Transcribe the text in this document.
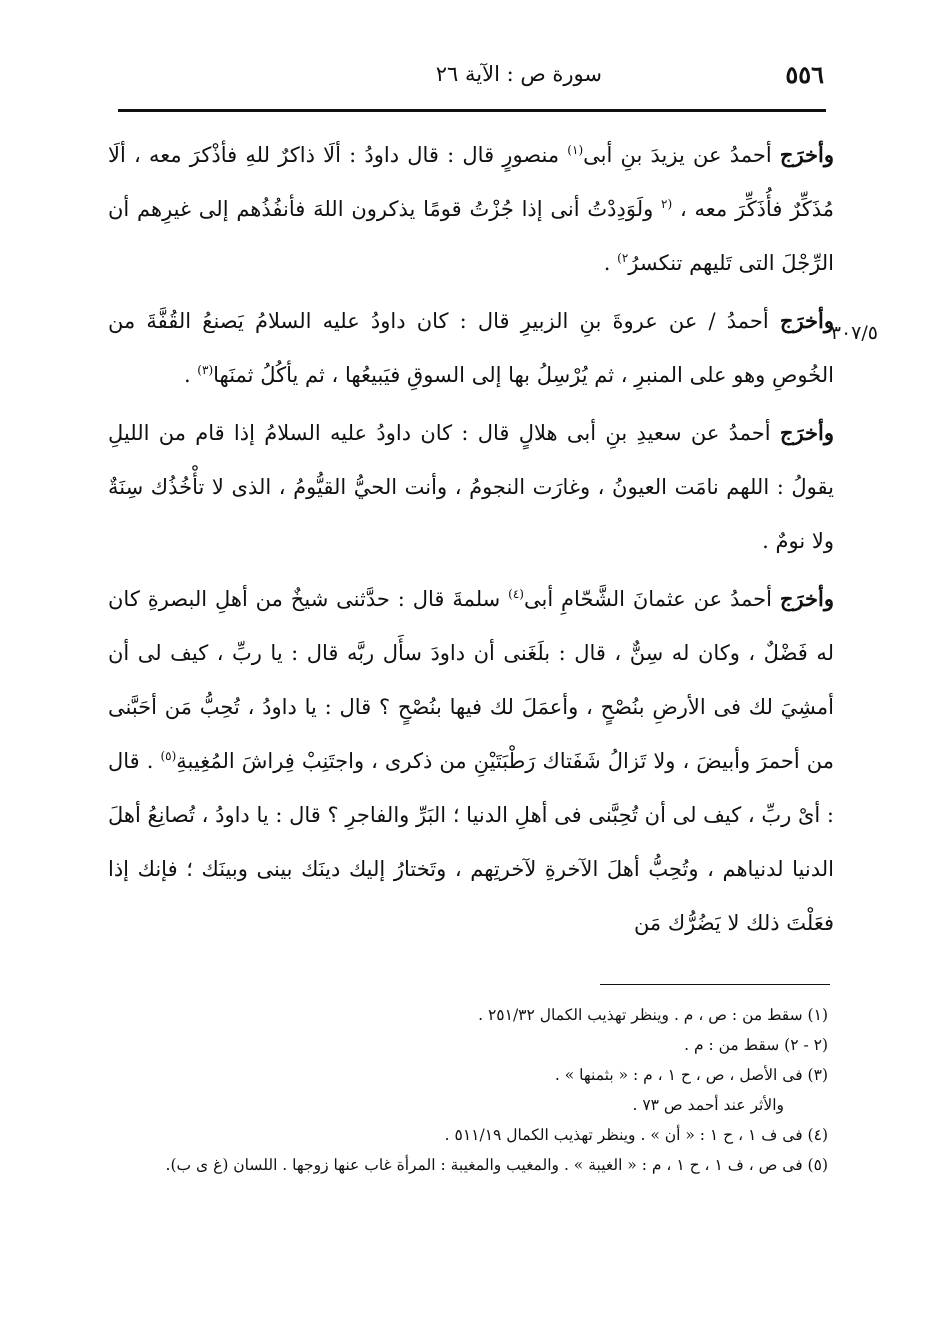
٥٥٦
سورة ص : الآية ٢٦
٣٠٧/٥

وأخرَج أحمدُ عن يزيدَ بنِ أبى$^{(١)}$ منصورٍ قال : قال داودُ : ألَا ذاكرٌ للهِ فأذْكرَ معه ، ألَا مُذَكِّرٌ فأُذَكِّرَ معه ، $^{(٢}$ ولَوَدِدْتُ أنى إذا جُزْتُ قومًا يذكرون اللهَ فأنفُذُهم إلى غيرِهم أن الرِّجْلَ التى تَليهم تنكسرُ$^{٢)}$ .

وأخرَج أحمدُ / عن عروةَ بنِ الزبيرِ قال : كان داودُ عليه السلامُ يَصنعُ القُفَّةَ من الخُوصِ وهو على المنبرِ ، ثم يُرْسِلُ بها إلى السوقِ فيَبيعُها ، ثم يأكُلُ ثمنَها$^{(٣)}$ .

وأخرَج أحمدُ عن سعيدِ بنِ أبى هلالٍ قال : كان داودُ عليه السلامُ إذا قام من الليلِ يقولُ : اللهم نامَت العيونُ ، وغارَت النجومُ ، وأنت الحيُّ القيُّومُ ، الذى لا تأْخُذُك سِنَةٌ ولا نومٌ .

وأخرَج أحمدُ عن عثمانَ الشَّحّامِ أبى$^{(٤)}$ سلمةَ قال : حدَّثنى شيخٌ من أهلِ البصرةِ كان له فَضْلٌ ، وكان له سِنٌّ ، قال : بلَغَنى أن داودَ سأَل ربَّه قال : يا ربِّ ، كيف لى أن أمشِيَ لك فى الأرضِ بنُصْحٍ ، وأعمَلَ لك فيها بنُصْحٍ ؟ قال : يا داودُ ، تُحِبُّ مَن أحَبَّنى من أحمرَ وأبيضَ ، ولا تَزالُ شَفَتاك رَطْبَتَيْنِ من ذكرى ، واجتَنِبْ فِراشَ المُغِيبةِ$^{(٥)}$ . قال : أىْ ربِّ ، كيف لى أن تُحِبَّنى فى أهلِ الدنيا ؛ البَرِّ والفاجرِ ؟ قال : يا داودُ ، تُصانِعُ أهلَ الدنيا لدنياهم ، وتُحِبُّ أهلَ الآخرةِ لآخرتِهم ، وتَختارُ إليك دينَك بينى وبينَك ؛ فإنك إذا فعَلْتَ ذلك لا يَضُرُّك مَن

(١) سقط من : ص ، م . وينظر تهذيب الكمال ٢٥١/٣٢ .

(٢ - ٢) سقط من : م .

(٣) فى الأصل ، ص ، ح ١ ، م : « بثمنها » .

والأثر عند أحمد ص ٧٣ .

(٤) فى ف ١ ، ح ١ : « أن » . وينظر تهذيب الكمال ٥١١/١٩ .

(٥) فى ص ، ف ١ ، ح ١ ، م : « الغيبة » . والمغيب والمغيبة : المرأة غاب عنها زوجها . اللسان (غ ى ب).
